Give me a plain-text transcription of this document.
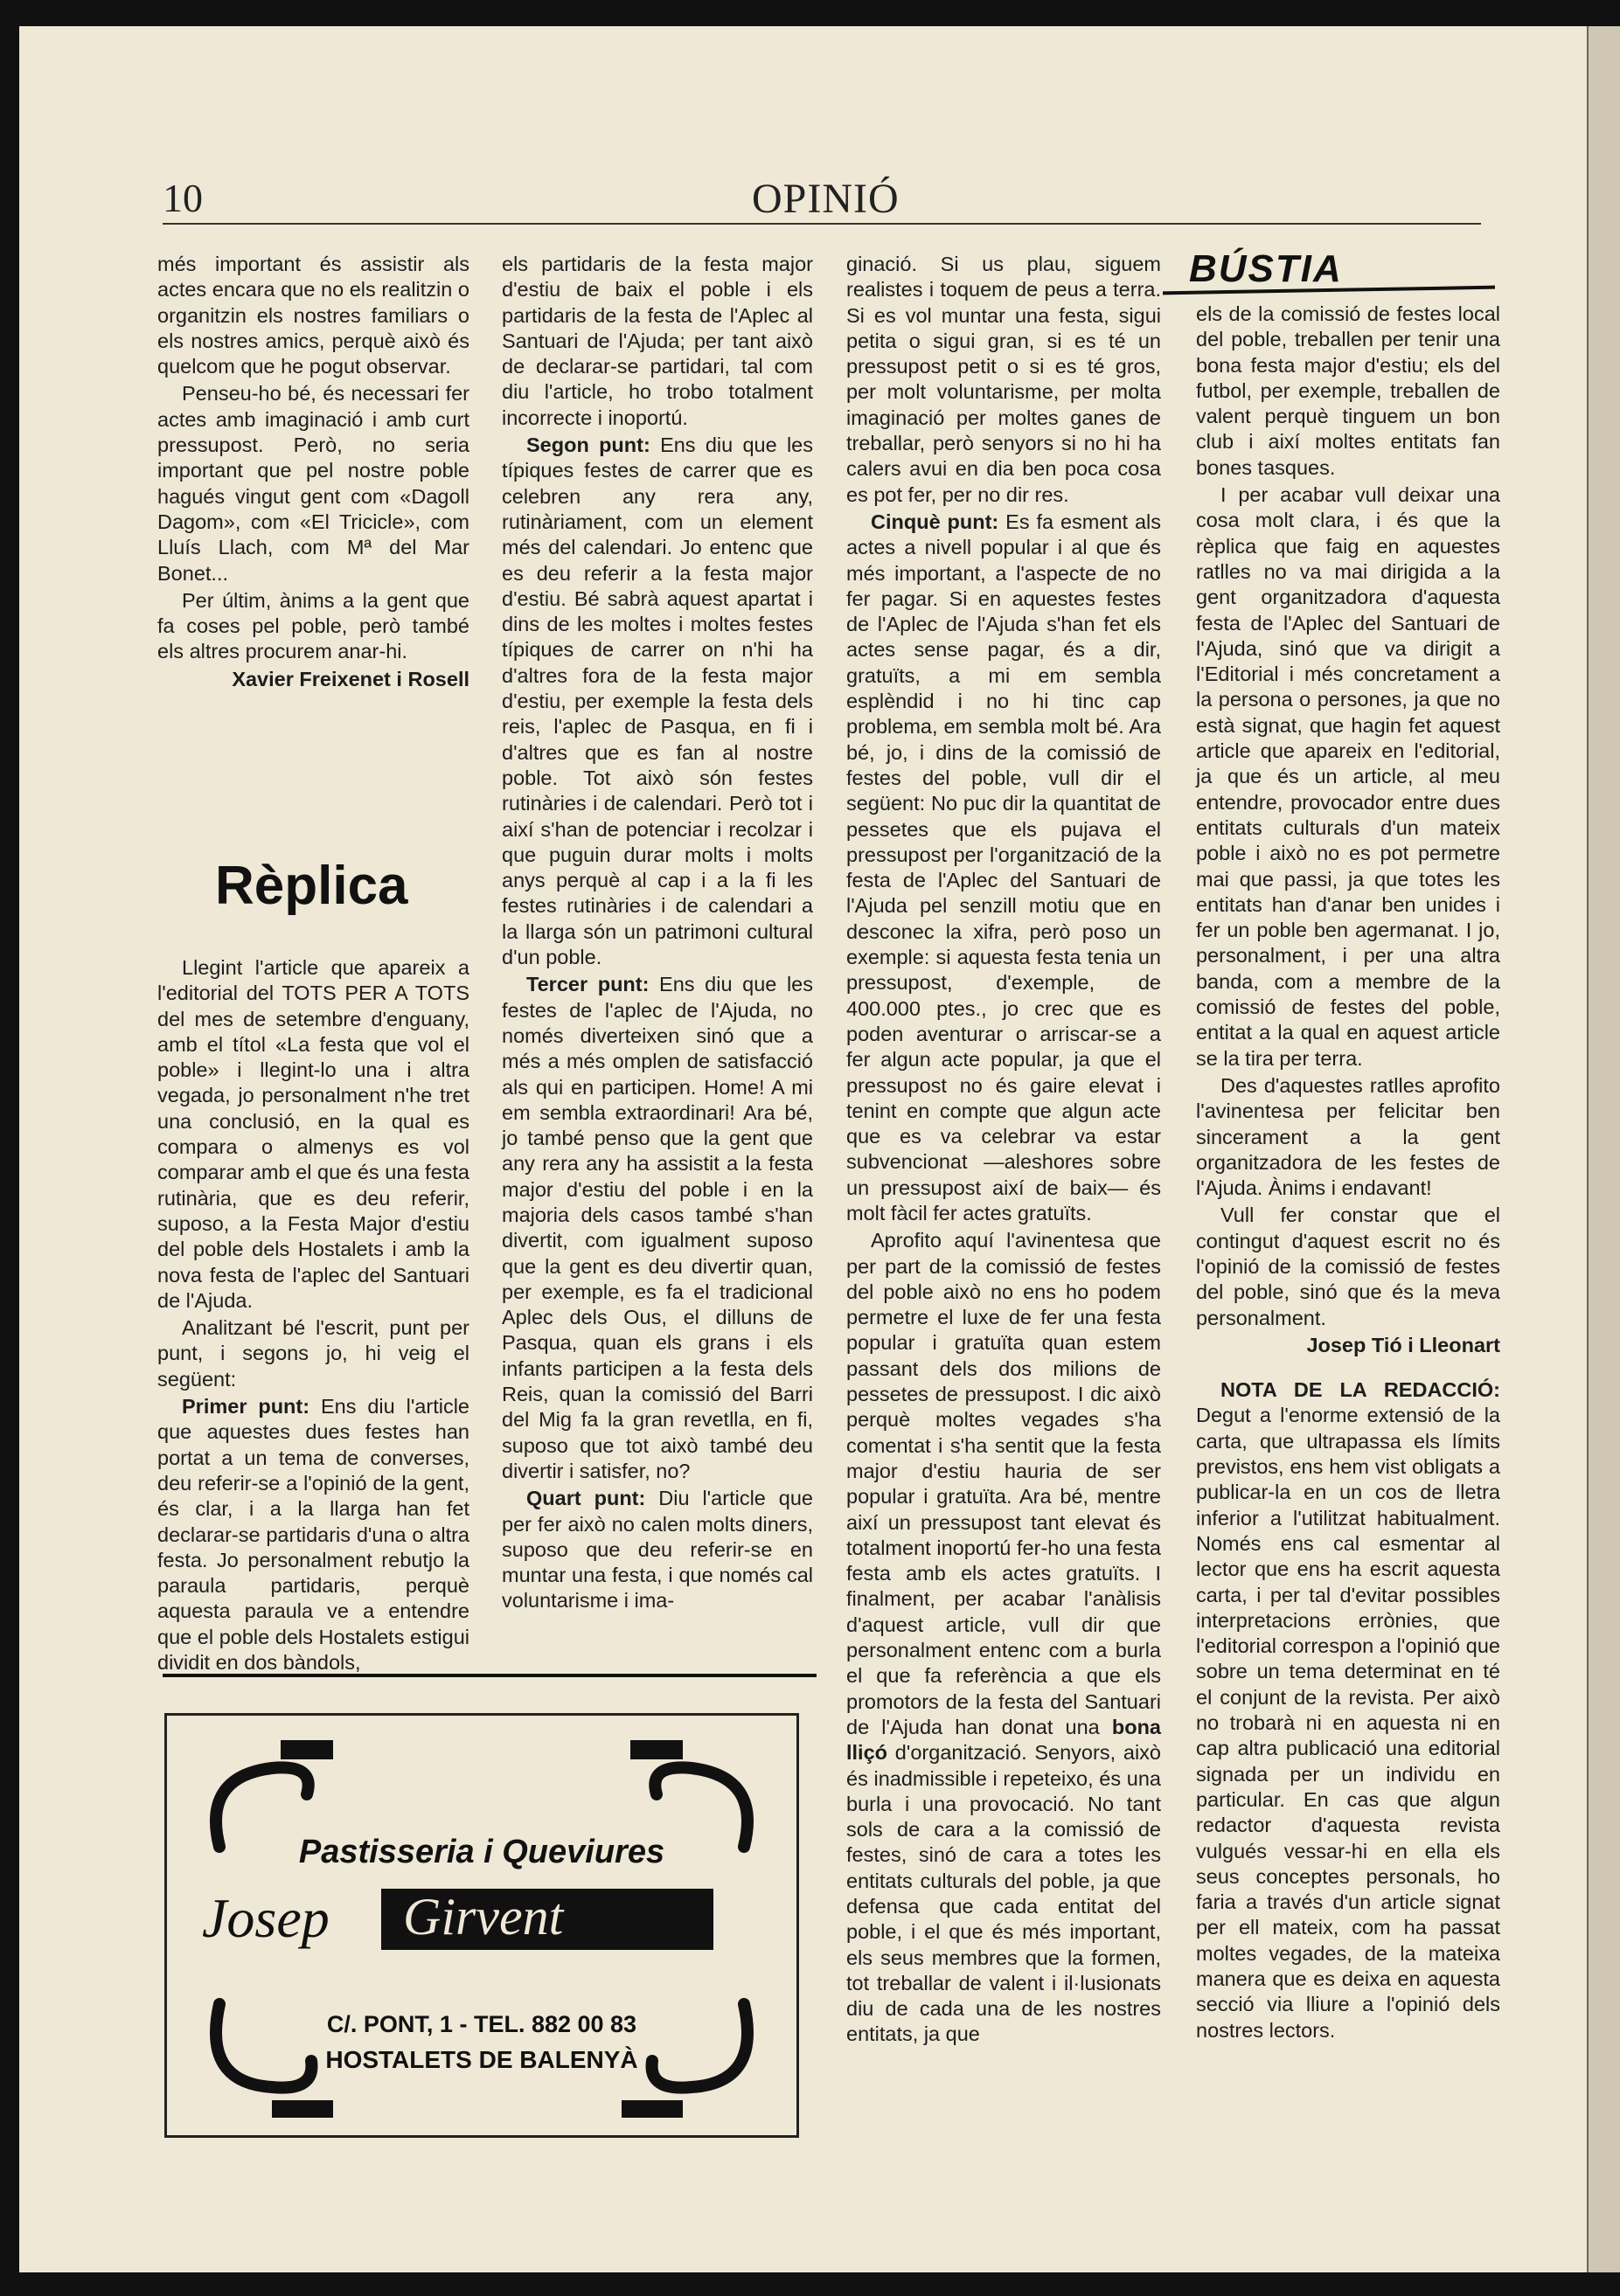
10	OPINIÓ

més important és assistir als actes encara que no els realitzin o organitzin els nostres familiars o els nostres amics, perquè això és quelcom que he pogut observar.

Penseu-ho bé, és necessari fer actes amb imaginació i amb curt pressupost. Però, no seria important que pel nostre poble hagués vingut gent com «Dagoll Dagom», com «El Tricicle», com Lluís Llach, com Mª del Mar Bonet...

Per últim, ànims a la gent que fa coses pel poble, però també els altres procurem anar-hi.

Xavier Freixenet i Rosell
Rèplica

Llegint l'article que apareix a l'editorial del TOTS PER A TOTS del mes de setembre d'enguany, amb el títol «La festa que vol el poble» i llegint-lo una i altra vegada, jo personalment n'he tret una conclusió, en la qual es compara o almenys es vol comparar amb el que és una festa rutinària, que es deu referir, suposo, a la Festa Major d'estiu del poble dels Hostalets i amb la nova festa de l'aplec del Santuari de l'Ajuda.

Analitzant bé l'escrit, punt per punt, i segons jo, hi veig el següent:

Primer punt: Ens diu l'article que aquestes dues festes han portat a un tema de converses, deu referir-se a l'opinió de la gent, és clar, i a la llarga han fet declarar-se partidaris d'una o altra festa. Jo personalment rebutjo la paraula partidaris, perquè aquesta paraula ve a entendre que el poble dels Hostalets estigui dividit en dos bàndols,

els partidaris de la festa major d'estiu de baix el poble i els partidaris de la festa de l'Aplec al Santuari de l'Ajuda; per tant això de declarar-se partidari, tal com diu l'article, ho trobo totalment incorrecte i inoportú.

Segon punt: Ens diu que les típiques festes de carrer que es celebren any rera any, rutinàriament, com un element més del calendari. Jo entenc que es deu referir a la festa major d'estiu. Bé sabrà aquest apartat i dins de les moltes i moltes festes típiques de carrer on n'hi ha d'altres fora de la festa major d'estiu, per exemple la festa dels reis, l'aplec de Pasqua, en fi i d'altres que es fan al nostre poble. Tot això són festes rutinàries i de calendari. Però tot i així s'han de potenciar i recolzar i que puguin durar molts i molts anys perquè al cap i a la fi les festes rutinàries i de calendari a la llarga són un patrimoni cultural d'un poble.

Tercer punt: Ens diu que les festes de l'aplec de l'Ajuda, no només diverteixen sinó que a més a més omplen de satisfacció als qui en participen. Home! A mi em sembla extraordinari! Ara bé, jo també penso que la gent que any rera any ha assistit a la festa major d'estiu del poble i en la majoria dels casos també s'han divertit, com igualment suposo que la gent es deu divertir quan, per exemple, es fa el tradicional Aplec dels Ous, el dilluns de Pasqua, quan els grans i els infants participen a la festa dels Reis, quan la comissió del Barri del Mig fa la gran revetlla, en fi, suposo que tot això també deu divertir i satisfer, no?

Quart punt: Diu l'article que per fer això no calen molts diners, suposo que deu referir-se en muntar una festa, i que només cal voluntarisme i ima-

ginació. Si us plau, siguem realistes i toquem de peus a terra. Si es vol muntar una festa, sigui petita o sigui gran, si es té un pressupost petit o si es té gros, per molt voluntarisme, per molta imaginació per moltes ganes de treballar, però senyors si no hi ha calers avui en dia ben poca cosa es pot fer, per no dir res.

Cinquè punt: Es fa esment als actes a nivell popular i al que és més important, a l'aspecte de no fer pagar. Si en aquestes festes de l'Aplec de l'Ajuda s'han fet els actes sense pagar, és a dir, gratuïts, a mi em sembla esplèndid i no hi tinc cap problema, em sembla molt bé. Ara bé, jo, i dins de la comissió de festes del poble, vull dir el següent: No puc dir la quantitat de pessetes que els pujava el pressupost per l'organització de la festa de l'Aplec del Santuari de l'Ajuda pel senzill motiu que en desconec la xifra, però poso un exemple: si aquesta festa tenia un pressupost, d'exemple, de 400.000 ptes., jo crec que es poden aventurar o arriscar-se a fer algun acte popular, ja que el pressupost no és gaire elevat i tenint en compte que algun acte que es va celebrar va estar subvencionat —aleshores sobre un pressupost així de baix— és molt fàcil fer actes gratuïts.

Aprofito aquí l'avinentesa que per part de la comissió de festes del poble això no ens ho podem permetre el luxe de fer una festa popular i gratuïta quan estem passant dels dos milions de pessetes de pressupost. I dic això perquè moltes vegades s'ha comentat i s'ha sentit que la festa major d'estiu hauria de ser popular i gratuïta. Ara bé, mentre així un pressupost tant elevat és totalment inoportú fer-ho una festa festa amb els actes gratuïts. I finalment, per acabar l'anàlisis d'aquest article, vull dir que personalment entenc com a burla el que fa referència a que els promotors de la festa del Santuari de l'Ajuda han donat una bona lliçó d'organització. Senyors, això és inadmissible i repeteixo, és una burla i una provocació. No tant sols de cara a la comissió de festes, sinó de cara a totes les entitats culturals del poble, ja que defensa que cada entitat del poble, i el que és més important, els seus membres que la formen, tot treballar de valent i il·lusionats diu de cada una de les nostres entitats, ja que

BÚSTIA

els de la comissió de festes local del poble, treballen per tenir una bona festa major d'estiu; els del futbol, per exemple, treballen de valent perquè tinguem un bon club i així moltes entitats fan bones tasques.

I per acabar vull deixar una cosa molt clara, i és que la rèplica que faig en aquestes ratlles no va mai dirigida a la gent organitzadora d'aquesta festa de l'Aplec del Santuari de l'Ajuda, sinó que va dirigit a l'Editorial i més concretament a la persona o persones, ja que no està signat, que hagin fet aquest article que apareix en l'editorial, ja que és un article, al meu entendre, provocador entre dues entitats culturals d'un mateix poble i això no es pot permetre mai que passi, ja que totes les entitats han d'anar ben unides i fer un poble ben agermanat. I jo, personalment, i per una altra banda, com a membre de la comissió de festes del poble, entitat a la qual en aquest article se la tira per terra.

Des d'aquestes ratlles aprofito l'avinentesa per felicitar ben sincerament a la gent organitzadora de les festes de l'Ajuda. Ànims i endavant!

Vull fer constar que el contingut d'aquest escrit no és l'opinió de la comissió de festes del poble, sinó que és la meva personalment.

Josep Tió i Lleonart

NOTA DE LA REDACCIÓ: Degut a l'enorme extensió de la carta, que ultrapassa els límits previstos, ens hem vist obligats a publicar-la en un cos de lletra inferior a l'utilitzat habitualment. Només ens cal esmentar al lector que ens ha escrit aquesta carta, i per tal d'evitar possibles interpretacions errònies, que l'editorial correspon a l'opinió que sobre un tema determinat en té el conjunt de la revista. Per això no trobarà ni en aquesta ni en cap altra publicació una editorial signada per un individu en particular. En cas que algun redactor d'aquesta revista vulgués vessar-hi en ella els seus conceptes personals, ho faria a través d'un article signat per ell mateix, com ha passat moltes vegades, de la mateixa manera que es deixa en aquesta secció via lliure a l'opinió dels nostres lectors.

Pastisseria i Queviures
Josep Girvent
C/. PONT, 1 - TEL. 882 00 83
HOSTALETS DE BALENYÀ
